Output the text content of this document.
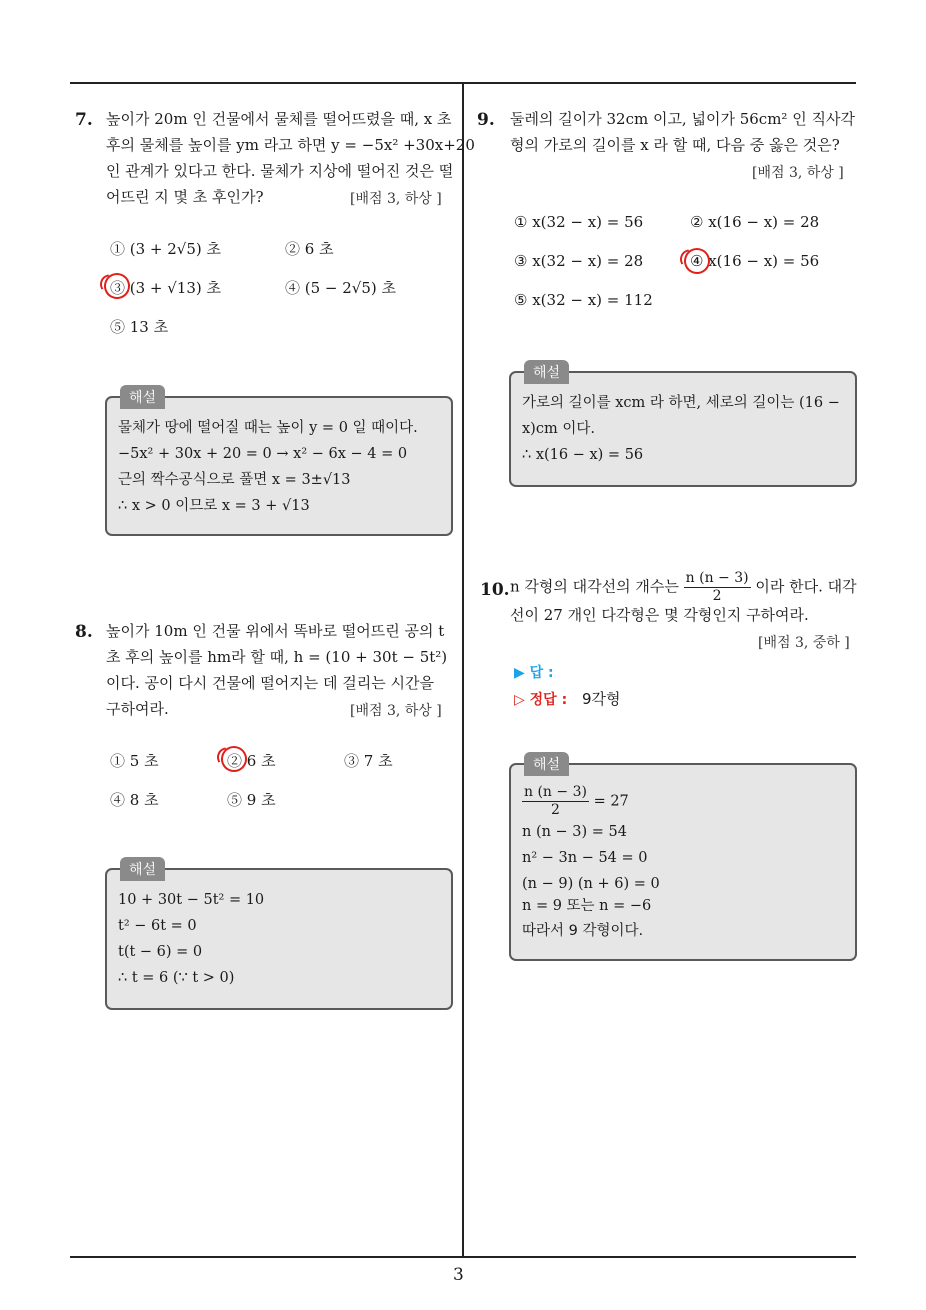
3
7. 높이가 20m 인 건물에서 물체를 떨어뜨렸을 때, x 초
후의 물체를 높이를 ym 라고 하면 y = −5x² +30x+20
인 관계가 있다고 한다. 물체가 지상에 떨어진 것은 떨
어뜨린 지 몇 초 후인가?	[배점 3, 하상 ]
① (3 + 2√5) 초
③ (3 + √13) 초
⑤ 13 초
② 6 초
④ (5 − 2√5) 초
해설
물체가 땅에 떨어질 때는 높이 y = 0 일 때이다.
−5x² + 30x + 20 = 0 → x² − 6x − 4 = 0
근의 짝수공식으로 풀면 x = 3±√13
∴ x > 0 이므로 x = 3 + √13
8. 높이가 10m 인 건물 위에서 똑바로 떨어뜨린 공의 t
초 후의 높이를 hm라 할 때, h = (10 + 30t − 5t²)
이다. 공이 다시 건물에 떨어지는 데 걸리는 시간을
구하여라.	[배점 3, 하상 ]
① 5 초	② 6 초	③ 7 초
④ 8 초	⑤ 9 초
해설
10 + 30t − 5t² = 10
t² − 6t = 0
t(t − 6) = 0
∴ t = 6 (∵ t > 0)
9. 둘레의 길이가 32cm 이고, 넓이가 56cm² 인 직사각
형의 가로의 길이를 x 라 할 때, 다음 중 옳은 것은?
[배점 3, 하상 ]
① x(32 − x) = 56
③ x(32 − x) = 28
⑤ x(32 − x) = 112
② x(16 − x) = 28
④ x(16 − x) = 56
해설
가로의 길이를 xcm 라 하면, 세로의 길이는 (16 −
x)cm 이다.
∴ x(16 − x) = 56
10. n 각형의 대각선의 개수는 $\frac{n (n - 3)}{2}$ 이라 한다. 대각
선이 27 개인 다각형은 몇 각형인지 구하여라.
[배점 3, 중하 ]
▶ 답 :
▷ 정답 : 9각형
해설
$\frac{n (n - 3)}{2} = 27$
n (n − 3) = 54
n² − 3n − 54 = 0
(n − 9) (n + 6) = 0
n = 9 또는 n = −6
따라서 9 각형이다.
